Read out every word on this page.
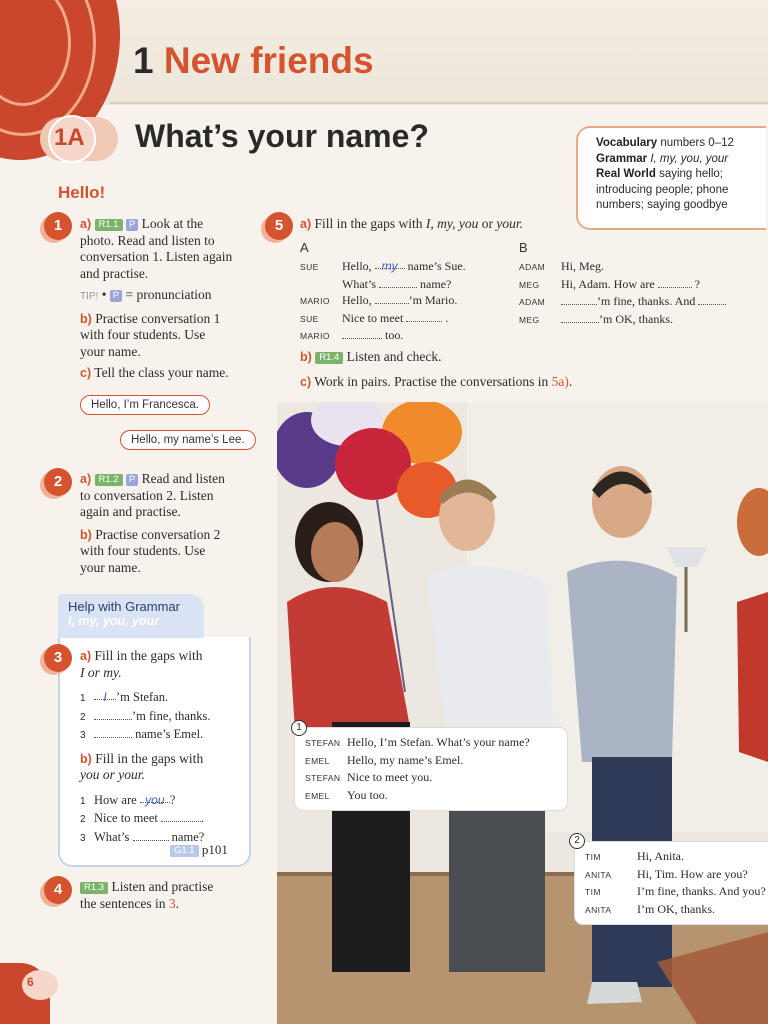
1 New friends
1A What’s your name?	Vocabulary numbers 0–12
Grammar I, my, you, your
Real World saying hello;
introducing people; phone
numbers; saying goodbye
Hello!
1	a) R1.1 P Look at the
photo. Read and listen to
conversation 1. Listen again
and practise.
TIP! • P = pronunciation
b) Practise conversation 1
with four students. Use
your name.
c) Tell the class your name.
Hello, I’m Francesca.
Hello, my name’s Lee.
2	a) R1.2 P Read and listen
to conversation 2. Listen
again and practise.
b) Practise conversation 2
with four students. Use
your name.
Help with Grammar
I, my, you, your
3	a) Fill in the gaps with
I or my.
1 I ’m Stefan.
2	’m fine, thanks.
3	name’s Emel.
b) Fill in the gaps with
you or your.
1 How are you ?
2 Nice to meet	.
3 What’s	name?
G1.1 p101
4	R1.3 Listen and practise
the sentences in 3.
6
5	a) Fill in the gaps with I, my, you or your.
A	B
SUE Hello, my name’s Sue.
What’s	name?
MARIO Hello,	’m Mario.
SUE Nice to meet	.
MARIO	too.
ADAM Hi, Meg.
MEG Hi, Adam. How are	?
ADAM	’m fine, thanks. And
MEG	’m OK, thanks.
b) R1.4 Listen and check.
c) Work in pairs. Practise the conversations in 5a).
STEFAN Hello, I’m Stefan. What’s your name?
EMEL Hello, my name’s Emel.
STEFAN Nice to meet you.
EMEL You too.
1
TIM	Hi, Anita.
ANITA Hi, Tim. How are you?
TIM	I’m fine, thanks. And you?
ANITA I’m OK, thanks.
2
